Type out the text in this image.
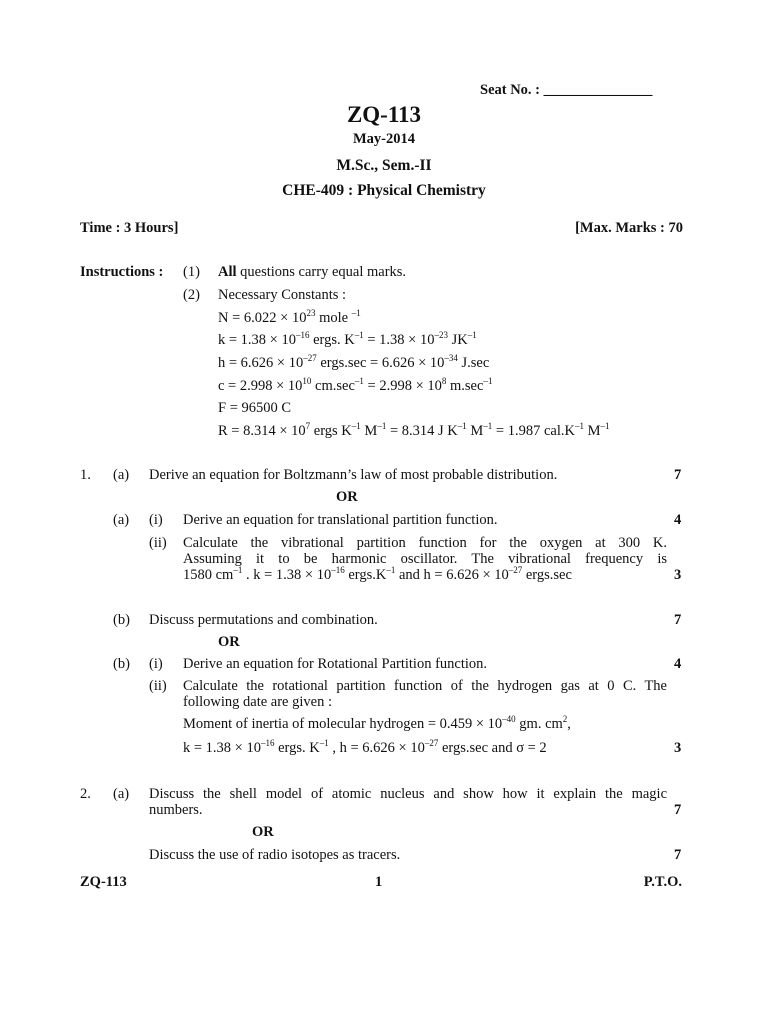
Seat No. : _______________
ZQ-113
May-2014
M.Sc., Sem.-II
CHE-409 : Physical Chemistry
Time : 3 Hours]	[Max. Marks : 70
Instructions : (1) All questions carry equal marks.
(2) Necessary Constants :
$N = 6.022 \times 10^{23}$ mole $^{-1}$
$k = 1.38 \times 10^{-16}$ ergs. $K^{-1} = 1.38 \times 10^{-23}$ $JK^{-1}$
$h = 6.626 \times 10^{-27}$ ergs.sec = $6.626 \times 10^{-34}$ J.sec
$c = 2.998 \times 10^{10}$ $cm.\sec^{-1} = 2.998 \times 10^8$ $m.\sec^{-1}$
F = 96500 C
$R = 8.314 \times 10^7$ ergs $K^{-1}$ $M^{-1} = 8.314$ J $K^{-1}$ $M^{-1} = 1.987$ $cal.K^{-1}$ $M^{-1}$
1. (a) Derive an equation for Boltzmann’s law of most probable distribution.	7
OR
(a) (i) Derive an equation for translational partition function.	4
(ii) Calculate the vibrational partition function for the oxygen at 300 K.
Assuming it to be harmonic oscillator. The vibrational frequency is
1580 $cm^{-1}$ . $k = 1.38 \times 10^{-16}$ $ergs.K^{-1}$ and $h = 6.626 \times 10^{-27}$ ergs.sec	3
(b) Discuss permutations and combination.	7
OR
(b) (i) Derive an equation for Rotational Partition function.	4
(ii) Calculate the rotational partition function of the hydrogen gas at 0 C. The
following date are given :
Moment of inertia of molecular hydrogen = $0.459 \times 10^{-40}$ gm. $cm^2$,
$k = 1.38 \times 10^{-16}$ ergs. $K^{-1}$ , $h = 6.626 \times 10^{-27}$ ergs.sec and σ = 2	3
2. (a) Discuss the shell model of atomic nucleus and show how it explain the magic
numbers.	7
OR
Discuss the use of radio isotopes as tracers.	7
ZQ-113	1	P.T.O.
